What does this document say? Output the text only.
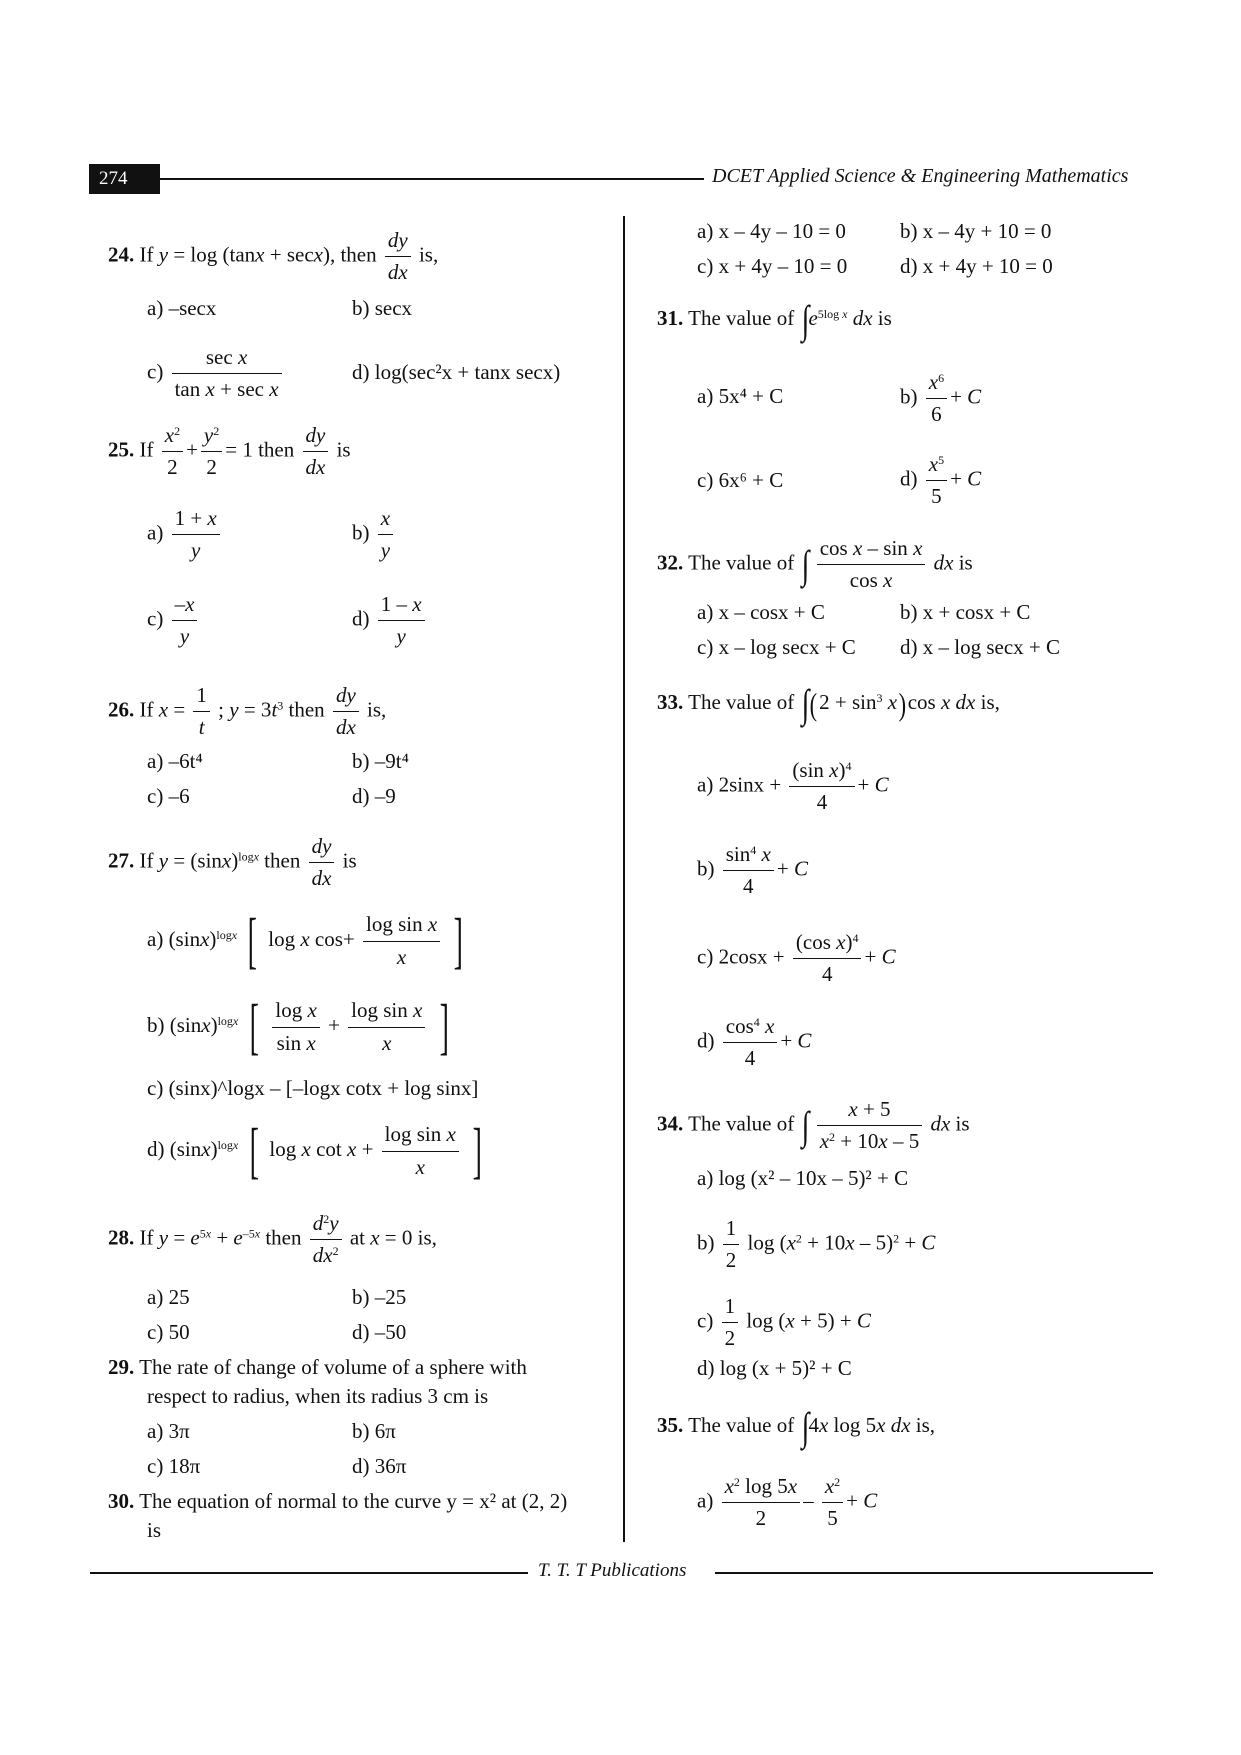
274	DCET Applied Science & Engineering Mathematics
24. If y = log (tanx + secx), then $\frac{dy}{dx}$ is,
a) –secx	b) secx
$c) \frac{\text{sec x}}{\text{tan x + sec x}}$	d) log(sec²x + tanx secx)
25. If $\frac{x^2}{2} + \frac{y^2}{2} = 1$ then $\frac{dy}{dx}$ is
$a) \frac{1 + x}{y}$	$b) \frac{x}{y}$
$c) \frac{-x}{y}$	$d) \frac{1 - x}{y}$
26. If $x = \frac{1}{t}$ ; $y = 3t^3$ then $\frac{dy}{dx}$ is,
a) –6t⁴	b) –9t⁴
c) –6	d) –9
27. If $y = (\sin x)^{logx}$ then $\frac{dy}{dx}$ is
a) $(\sin x)^{logx}$ [ log x $\cos+ \frac{\text{log sin x}}{x}$ ]
b) $(\sin x)^{logx}$ [ $\frac{\text{log x}}{\text{sin x}} + \frac{\text{log sin x}}{x}$ ]
c) (sinx)^logx – [–logx cotx + log sinx]
d) $(\sin x)^{logx}$ [ log x $\cot x + \frac{\text{log sin x}}{x}$ ]
28. If $y = e^{5x} + e^{-5x}$ then $\frac{d^2y}{dx^2}$ at x = 0 is,
a) 25	b) –25
c) 50	d) –50
29. The rate of change of volume of a sphere with
respect to radius, when its radius 3 cm is
a) 3π	b) 6π
c) 18π	d) 36π
30. The equation of normal to the curve y = x² at (2, 2)
is
a) x – 4y – 10 = 0	b) x – 4y + 10 = 0
c) x + 4y – 10 = 0	d) x + 4y + 10 = 0
31. The value of $\int e^{5log x}$ dx is
a) 5x⁴ + C	$b) \frac{x^6}{6} + C$
c) 6x⁶ + C	$d) \frac{x^5}{5} + C$
32. The value of ∫ $\frac{\text{cos x – sin x}}{\text{cos x}}$ dx is
a) x – cosx + C	b) x + cosx + C
c) x – log secx + C d) x – log secx + C
33. The value of $\int(2 + \sin^3 x)\cos$ x dx is,
a) $2\sin x + \frac{(\sin x)^4}{4} + C$
$b) \frac{\sin^4 x}{4} + C$
c) $2\cos x + \frac{(\cos x)^4}{4} + C$
$d) \frac{\cos^4 x}{4} + C$
34. The value of ∫ $\frac{x + 5}{x^2 + 10x - 5}$ dx is
a) log (x² – 10x – 5)² + C
$b) \frac{1}{2}$ $\log (x^2 + 10x - 5)^2 + C$
$c) \frac{1}{2}$ log (x + 5) + C
d) log (x + 5)² + C
35. The value of ∫4x log 5x dx is,
$a) \frac{x^2 \log 5x}{2} - \frac{x^2}{5} + C$
T. T. T Publications
